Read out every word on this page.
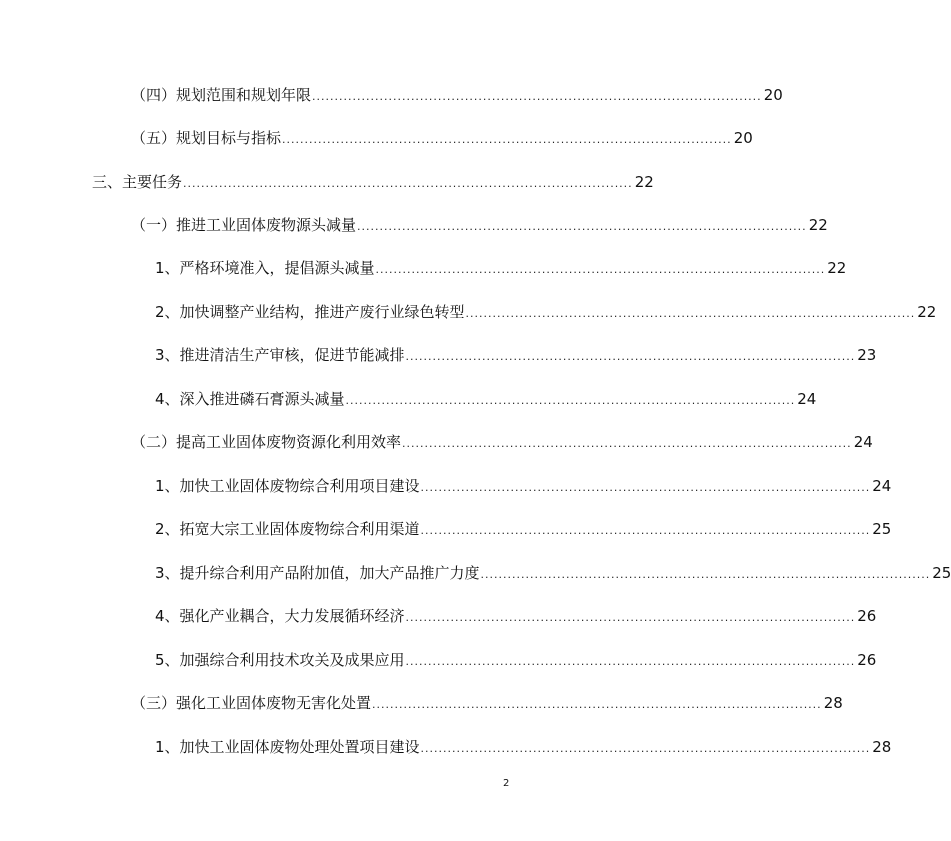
（四）规划范围和规划年限 .................................................................................................... 20
（五）规划目标与指标 .................................................................................................... 20
三、主要任务 .................................................................................................... 22
（一）推进工业固体废物源头减量 .................................................................................................... 22
1、严格环境准入，提倡源头减量 .................................................................................................... 22
2、加快调整产业结构，推进产废行业绿色转型 .................................................................................................... 22
3、推进清洁生产审核，促进节能减排 .................................................................................................... 23
4、深入推进磷石膏源头减量 .................................................................................................... 24
（二）提高工业固体废物资源化利用效率 .................................................................................................... 24
1、加快工业固体废物综合利用项目建设 .................................................................................................... 24
2、拓宽大宗工业固体废物综合利用渠道 .................................................................................................... 25
3、提升综合利用产品附加值，加大产品推广力度 .................................................................................................... 25
4、强化产业耦合，大力发展循环经济 .................................................................................................... 26
5、加强综合利用技术攻关及成果应用 .................................................................................................... 26
（三）强化工业固体废物无害化处置 .................................................................................................... 28
1、加快工业固体废物处理处置项目建设 .................................................................................................... 28
2
